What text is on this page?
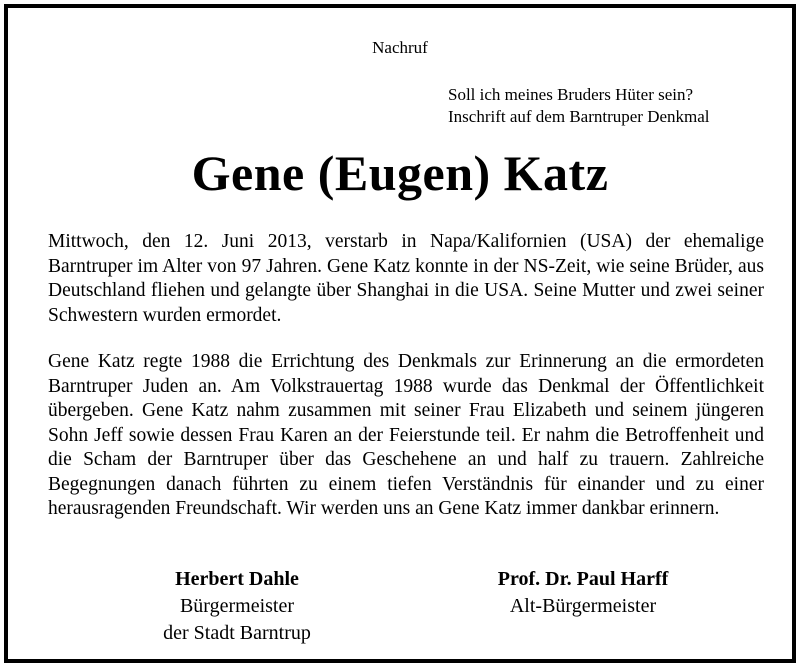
Nachruf
Soll ich meines Bruders Hüter sein?
Inschrift auf dem Barntruper Denkmal
Gene (Eugen) Katz
Mittwoch, den 12. Juni 2013, verstarb in Napa/Kalifornien (USA) der ehemalige Barntruper im Alter von 97 Jahren. Gene Katz konnte in der NS-Zeit, wie seine Brüder, aus Deutschland fliehen und gelangte über Shanghai in die USA. Seine Mutter und zwei seiner Schwestern wurden ermordet.
Gene Katz regte 1988 die Errichtung des Denkmals zur Erinnerung an die ermordeten Barntruper Juden an. Am Volkstrauertag 1988 wurde das Denkmal der Öffentlichkeit übergeben. Gene Katz nahm zusammen mit seiner Frau Elizabeth und seinem jüngeren Sohn Jeff sowie dessen Frau Karen an der Feierstunde teil. Er nahm die Betroffenheit und die Scham der Barntruper über das Geschehene an und half zu trauern. Zahlreiche Begegnungen danach führten zu einem tiefen Verständnis für einander und zu einer herausragenden Freundschaft. Wir werden uns an Gene Katz immer dankbar erinnern.
Herbert Dahle
Bürgermeister
der Stadt Barntrup
Prof. Dr. Paul Harff
Alt-Bürgermeister
